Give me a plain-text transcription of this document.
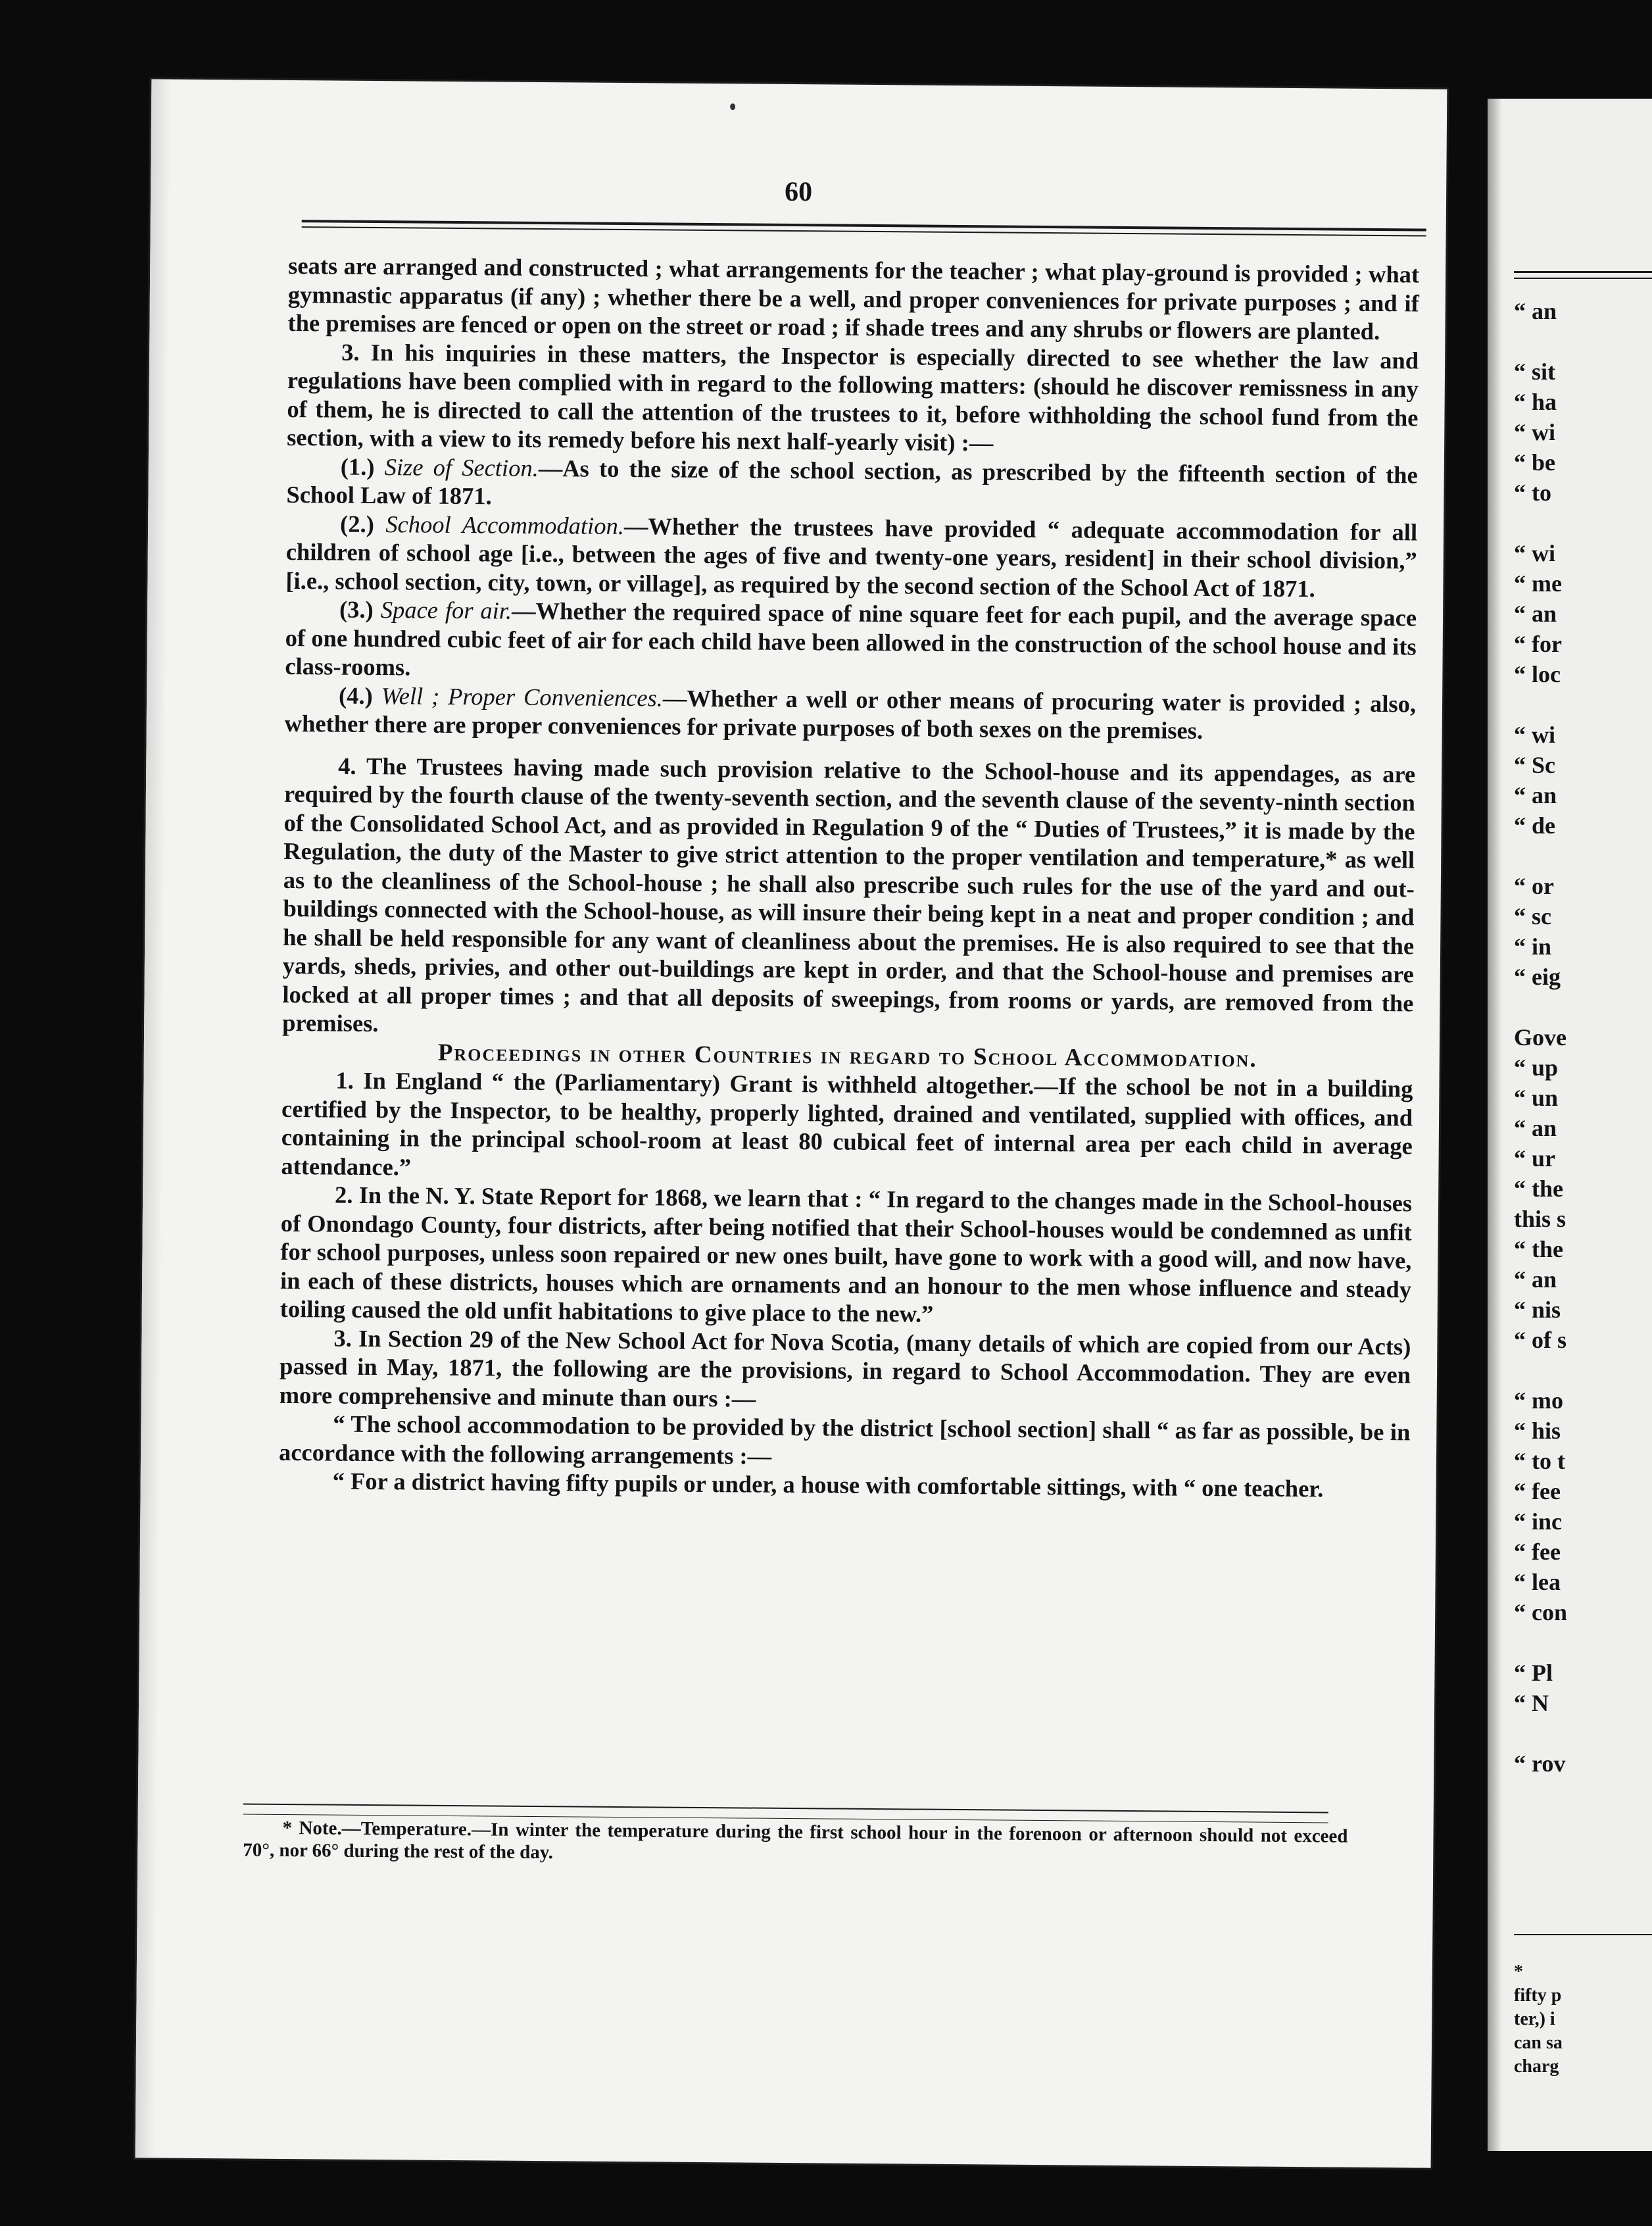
“ an
“ sit
“ ha
“ wi
“ be
“ to
“ wi
“ me
“ an
“ for
“ loc
“ wi
“ Sc
“ an
“ de
“ or
“ sc
“ in
“ eig
Gove
“ up
“ un
“ an
“ ur
“ the
this s
“ the
“ an
“ nis
“ of s
“ mo
“ his
“ to t
“ fee
“ inc
“ fee
“ lea
“ con
“ Pl
“ N
“ rov
*
fifty p
ter,) i
can sa
charg
60

seats are arranged and constructed ; what arrangements for the teacher ; what play-ground is provided ; what gymnastic apparatus (if any) ; whether there be a well, and proper conveniences for private purposes ; and if the premises are fenced or open on the street or road ; if shade trees and any shrubs or flowers are planted.

3. In his inquiries in these matters, the Inspector is especially directed to see whether the law and regulations have been complied with in regard to the following matters: (should he discover remissness in any of them, he is directed to call the attention of the trustees to it, before withholding the school fund from the section, with a view to its remedy before his next half-yearly visit) :—

(1.) Size of Section.—As to the size of the school section, as prescribed by the fifteenth section of the School Law of 1871.

(2.) School Accommodation.—Whether the trustees have provided “ adequate accommodation for all children of school age [i.e., between the ages of five and twenty-one years, resident] in their school division,” [i.e., school section, city, town, or village], as required by the second section of the School Act of 1871.

(3.) Space for air.—Whether the required space of nine square feet for each pupil, and the average space of one hundred cubic feet of air for each child have been allowed in the construction of the school house and its class-rooms.

(4.) Well ; Proper Conveniences.—Whether a well or other means of procuring water is provided ; also, whether there are proper conveniences for private purposes of both sexes on the premises.

4. The Trustees having made such provision relative to the School-house and its appendages, as are required by the fourth clause of the twenty-seventh section, and the seventh clause of the seventy-ninth section of the Consolidated School Act, and as provided in Regulation 9 of the “ Duties of Trustees,” it is made by the Regulation, the duty of the Master to give strict attention to the proper ventilation and temperature,* as well as to the cleanliness of the School-house ; he shall also prescribe such rules for the use of the yard and out-buildings connected with the School-house, as will insure their being kept in a neat and proper condition ; and he shall be held responsible for any want of cleanliness about the premises. He is also required to see that the yards, sheds, privies, and other out-buildings are kept in order, and that the School-house and premises are locked at all proper times ; and that all deposits of sweepings, from rooms or yards, are removed from the premises.

Proceedings in other Countries in regard to School Accommodation.

1. In England “ the (Parliamentary) Grant is withheld altogether.—If the school be not in a building certified by the Inspector, to be healthy, properly lighted, drained and ventilated, supplied with offices, and containing in the principal school-room at least 80 cubical feet of internal area per each child in average attendance.”

2. In the N. Y. State Report for 1868, we learn that : “ In regard to the changes made in the School-houses of Onondago County, four districts, after being notified that their School-houses would be condemned as unfit for school purposes, unless soon repaired or new ones built, have gone to work with a good will, and now have, in each of these districts, houses which are ornaments and an honour to the men whose influence and steady toiling caused the old unfit habitations to give place to the new.”

3. In Section 29 of the New School Act for Nova Scotia, (many details of which are copied from our Acts) passed in May, 1871, the following are the provisions, in regard to School Accommodation. They are even more comprehensive and minute than ours :—

“ The school accommodation to be provided by the district [school section] shall “ as far as possible, be in accordance with the following arrangements :—

“ For a district having fifty pupils or under, a house with comfortable sittings, with “ one teacher.

* Note.—Temperature.—In winter the temperature during the first school hour in the forenoon or afternoon should not exceed 70°, nor 66° during the rest of the day.
